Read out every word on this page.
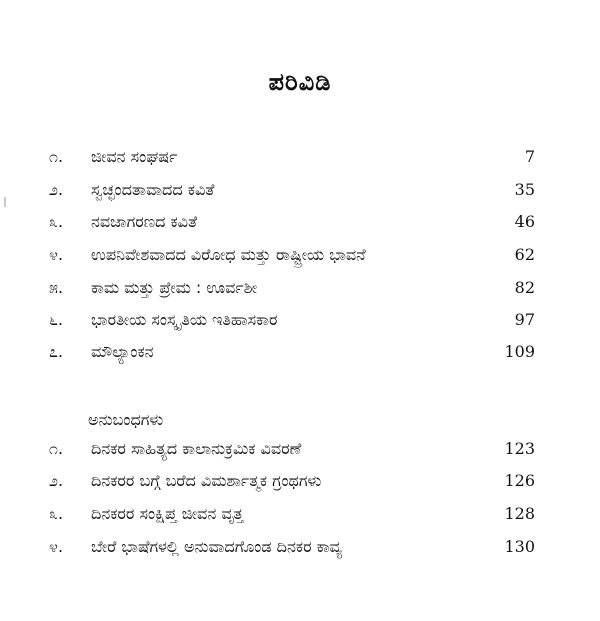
ಪರಿವಿಡಿ
೧.	ಜೀವನ ಸಂಘರ್ಷ	7
೨.	ಸ್ವಚ್ಛಂದತಾವಾದದ ಕವಿತೆ	35
೩.	ನವಜಾಗರಣದ ಕವಿತೆ	46
೪.	ಉಪನಿವೇಶವಾದದ ವಿರೋಧ ಮತ್ತು ರಾಷ್ಟ್ರೀಯ ಭಾವನೆ	62
೫.	ಕಾಮ ಮತ್ತು ಪ್ರೇಮ : ಊರ್ವಶೀ	82
೬.	ಭಾರತೀಯ ಸಂಸ್ಕೃತಿಯ ಇತಿಹಾಸಕಾರ	97
೭.	ಮೌಲ್ಯಾಂಕನ	109
ಅನುಬಂಧಗಳು
೧.	ದಿನಕರ ಸಾಹಿತ್ಯದ ಕಾಲಾನುಕ್ರಮಿಕ ವಿವರಣೆ	123
೨.	ದಿನಕರರ ಬಗ್ಗೆ ಬರೆದ ವಿಮರ್ಶಾತ್ಮಕ ಗ್ರಂಥಗಳು	126
೩.	ದಿನಕರರ ಸಂಕ್ಷಿಪ್ತ ಜೀವನ ವೃತ್ತ	128
೪.	ಬೇರೆ ಭಾಷೆಗಳಲ್ಲಿ ಅನುವಾದಗೊಂಡ ದಿನಕರ ಕಾವ್ಯ	130
